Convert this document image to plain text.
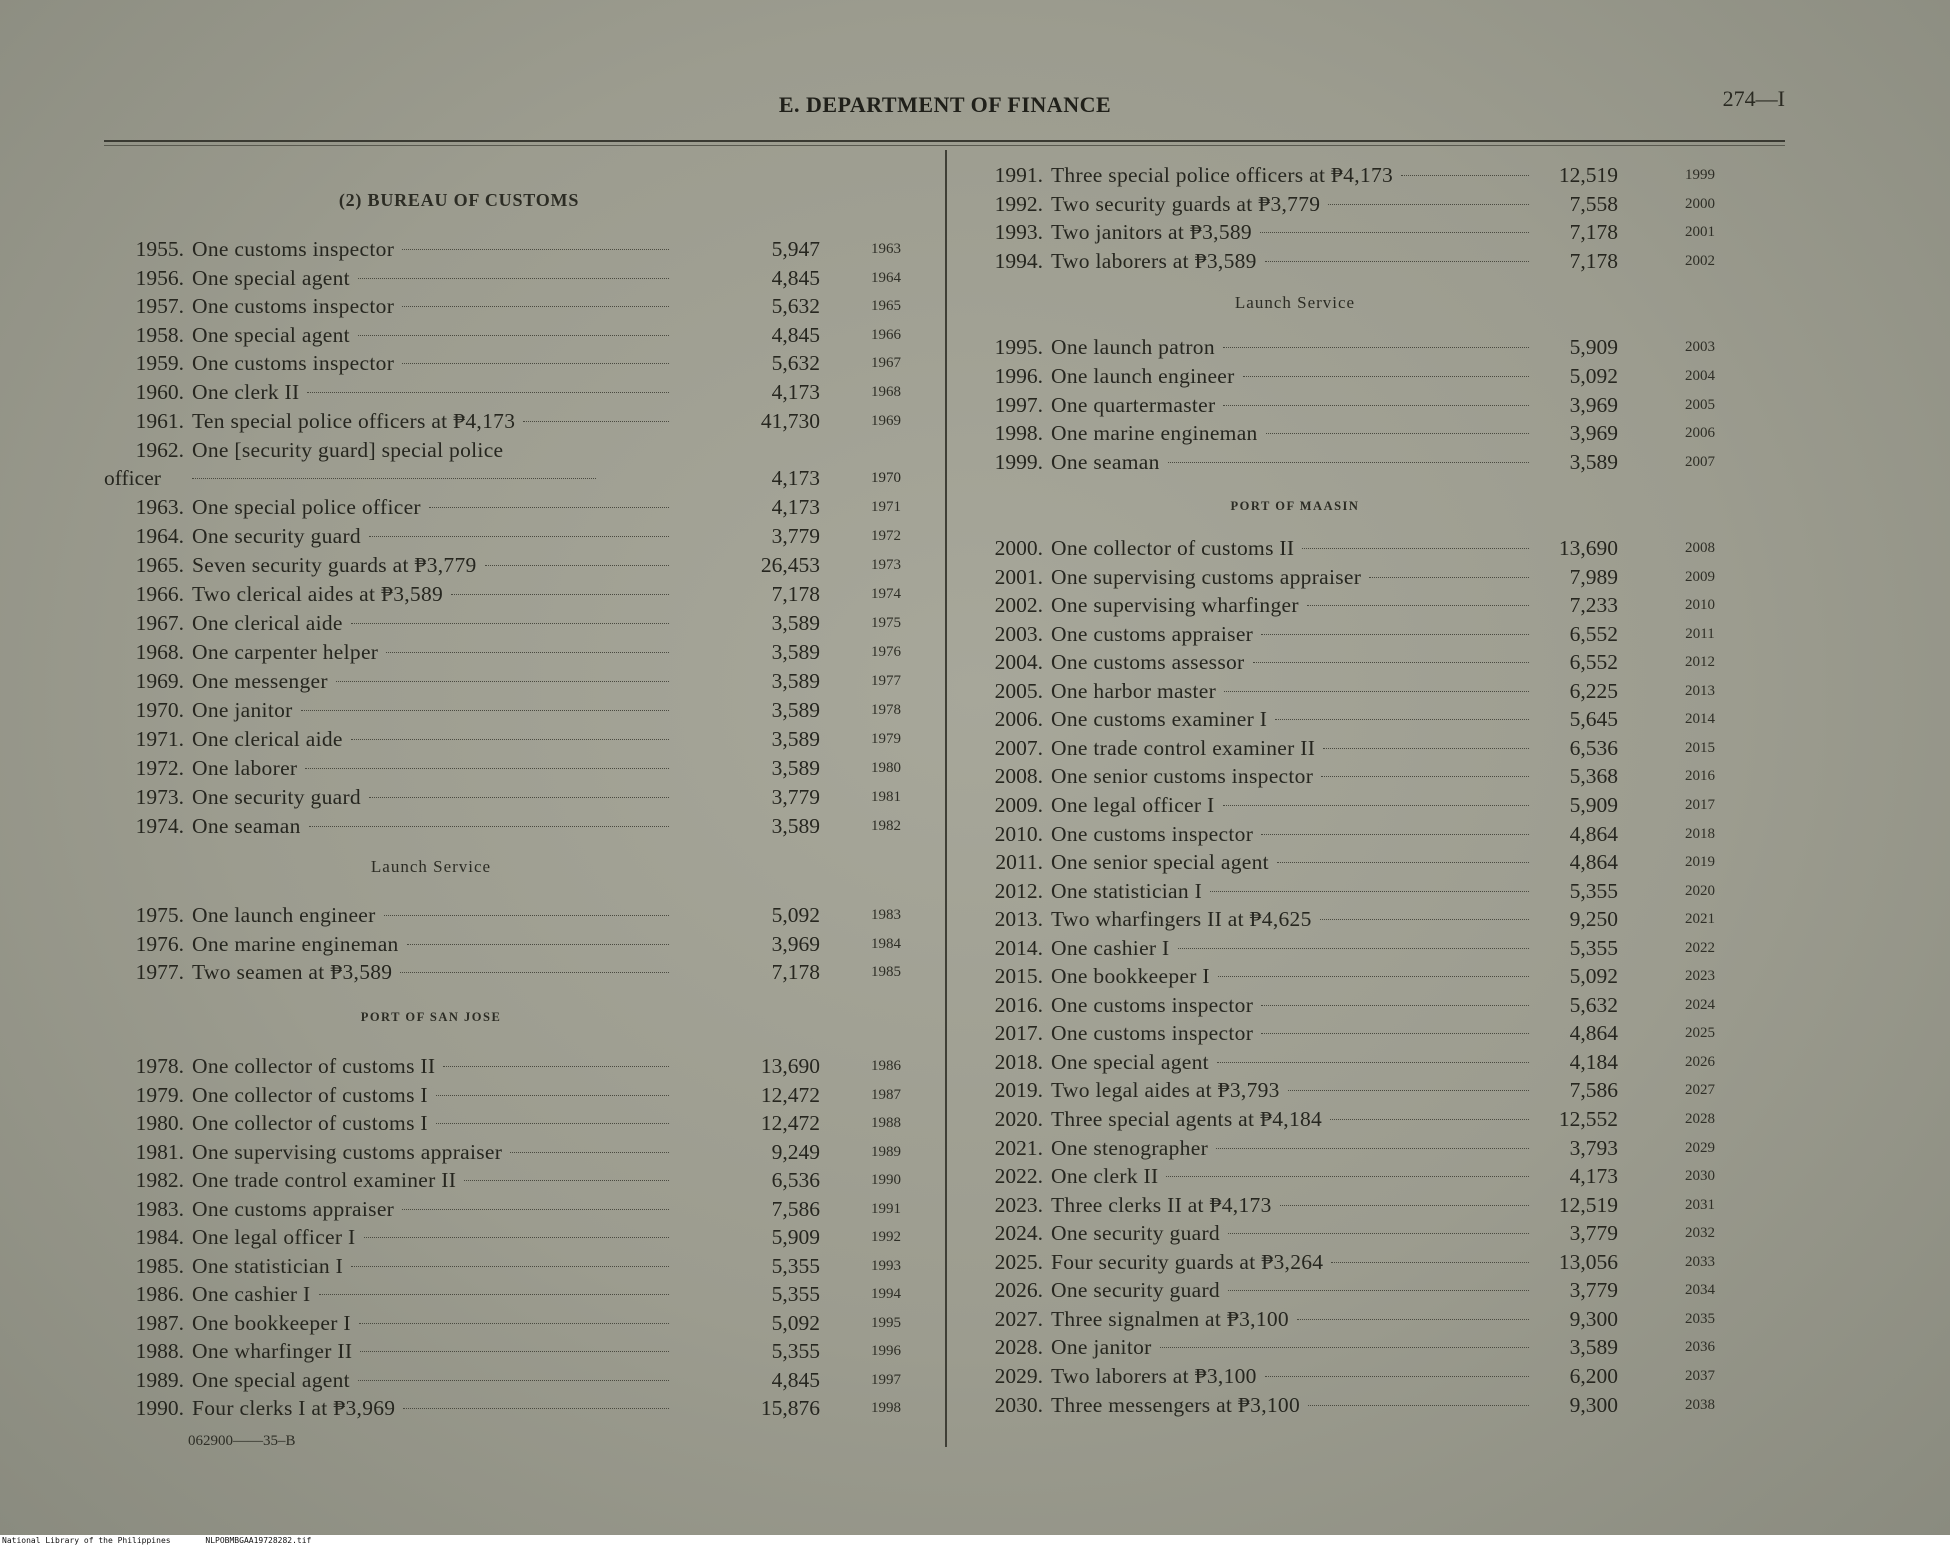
E. DEPARTMENT OF FINANCE	274—I
(2) BUREAU OF CUSTOMS
1955. One customs inspector	5,947	1963
1956. One special agent	4,845	1964
1957. One customs inspector	5,632	1965
1958. One special agent	4,845	1966
1959. One customs inspector	5,632	1967
1960. One clerk II	4,173	1968
1961. Ten special police officers at ₱4,173	41,730	1969
1962. One [security guard] special police
officer	4,173	1970
1963. One special police officer	4,173	1971
1964. One security guard	3,779	1972
1965. Seven security guards at ₱3,779	26,453	1973
1966. Two clerical aides at ₱3,589	7,178	1974
1967. One clerical aide	3,589	1975
1968. One carpenter helper	3,589	1976
1969. One messenger	3,589	1977
1970. One janitor	3,589	1978
1971. One clerical aide	3,589	1979
1972. One laborer	3,589	1980
1973. One security guard	3,779	1981
1974. One seaman	3,589	1982
Launch Service
1975. One launch engineer	5,092	1983
1976. One marine engineman	3,969	1984
1977. Two seamen at ₱3,589	7,178	1985
PORT OF SAN JOSE
1978. One collector of customs II	13,690	1986
1979. One collector of customs I	12,472	1987
1980. One collector of customs I	12,472	1988
1981. One supervising customs appraiser	9,249	1989
1982. One trade control examiner II	6,536	1990
1983. One customs appraiser	7,586	1991
1984. One legal officer I	5,909	1992
1985. One statistician I	5,355	1993
1986. One cashier I	5,355	1994
1987. One bookkeeper I	5,092	1995
1988. One wharfinger II	5,355	1996
1989. One special agent	4,845	1997
1990. Four clerks I at ₱3,969	15,876	1998
062900——35–B
1991. Three special police officers at ₱4,173	12,519	1999
1992. Two security guards at ₱3,779	7,558	2000
1993. Two janitors at ₱3,589	7,178	2001
1994. Two laborers at ₱3,589	7,178	2002
Launch Service
1995. One launch patron	5,909	2003
1996. One launch engineer	5,092	2004
1997. One quartermaster	3,969	2005
1998. One marine engineman	3,969	2006
1999. One seaman	3,589	2007
PORT OF MAASIN
2000. One collector of customs II	13,690	2008
2001. One supervising customs appraiser	7,989	2009
2002. One supervising wharfinger	7,233	2010
2003. One customs appraiser	6,552	2011
2004. One customs assessor	6,552	2012
2005. One harbor master	6,225	2013
2006. One customs examiner I	5,645	2014
2007. One trade control examiner II	6,536	2015
2008. One senior customs inspector	5,368	2016
2009. One legal officer I	5,909	2017
2010. One customs inspector	4,864	2018
2011. One senior special agent	4,864	2019
2012. One statistician I	5,355	2020
2013. Two wharfingers II at ₱4,625	9,250	2021
2014. One cashier I	5,355	2022
2015. One bookkeeper I	5,092	2023
2016. One customs inspector	5,632	2024
2017. One customs inspector	4,864	2025
2018. One special agent	4,184	2026
2019. Two legal aides at ₱3,793	7,586	2027
2020. Three special agents at ₱4,184	12,552	2028
2021. One stenographer	3,793	2029
2022. One clerk II	4,173	2030
2023. Three clerks II at ₱4,173	12,519	2031
2024. One security guard	3,779	2032
2025. Four security guards at ₱3,264	13,056	2033
2026. One security guard	3,779	2034
2027. Three signalmen at ₱3,100	9,300	2035
2028. One janitor	3,589	2036
2029. Two laborers at ₱3,100	6,200	2037
2030. Three messengers at ₱3,100	9,300	2038
National Library of the Philippines	NLPOBMBGAA19728282.tif
